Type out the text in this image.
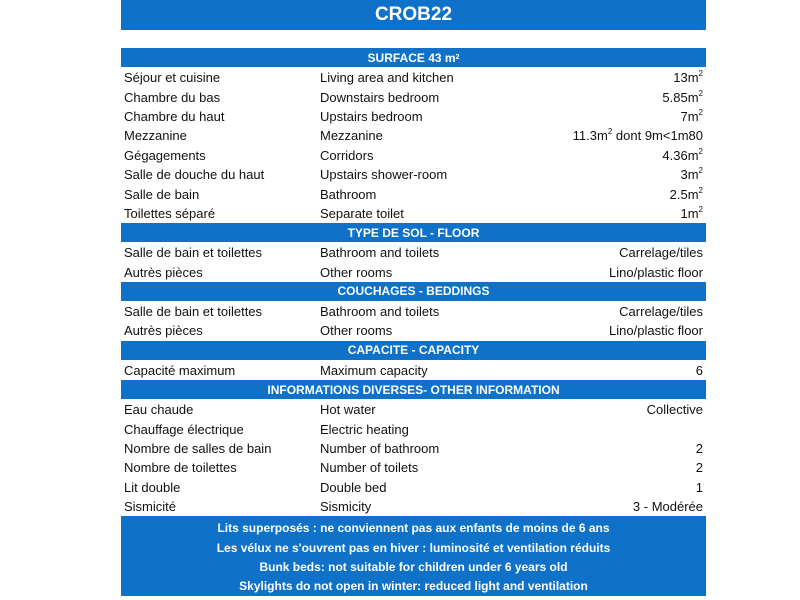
CROB22
SURFACE 43 m 2
Séjour et cuisine	Living area and kitchen	$13m^2$
Chambre du bas	Downstairs bedroom	$5.85m^2$
Chambre du haut	Upstairs bedroom	$7m^2$
Mezzanine	Mezzanine	$11.3m^2$ dont 9m<1m80
Gégagements	Corridors	$4.36m^2$
Salle de douche du haut	Upstairs shower-room	$3m^2$
Salle de bain	Bathroom	$2.5m^2$
Toilettes séparé	Separate toilet	$1m^2$
TYPE DE SOL - FLOOR
Salle de bain et toilettes	Bathroom and toilets	Carrelage/tiles
Autrès pièces	Other rooms	Lino/plastic floor
COUCHAGES - BEDDINGS
Salle de bain et toilettes	Bathroom and toilets	Carrelage/tiles
Autrès pièces	Other rooms	Lino/plastic floor
CAPACITE - CAPACITY
Capacité maximum	Maximum capacity	6
INFORMATIONS DIVERSES- OTHER INFORMATION
Eau chaude	Hot water	Collective
Chauffage électrique	Electric heating
Nombre de salles de bain	Number of bathroom	2
Nombre de toilettes	Number of toilets	2
Lit double	Double bed	1
Sismicité	Sismicity	3 - Modérée
Lits superposés : ne conviennent pas aux enfants de moins de 6 ans
Les vélux ne s'ouvrent pas en hiver : luminosité et ventilation réduits
Bunk beds: not suitable for children under 6 years old
Skylights do not open in winter: reduced light and ventilation
